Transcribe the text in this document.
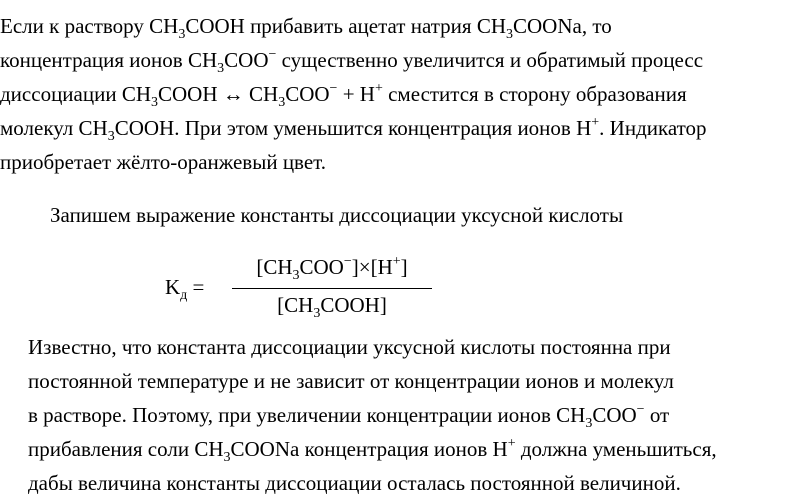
Если к раствору $CH_3COOH$ прибавить ацетат натрия $CH_3COONa$, то
концентрация ионов $CH_3COO^-$ существенно увеличится и обратимый процесс
диссоциации $CH_3COOH$ ↔ $CH_3COO^- + H^+$ сместится в сторону образования
молекул $CH_3COOH$. При этом уменьшится концентрация ионов H+. Индикатор
приобретает жёлто-оранжевый цвет.
Запишем выражение константы диссоциации уксусной кислоты
$K_д$ =
$[CH_3COO^-]\times[H^+]$
$[CH_3COOH]$
Известно, что константа диссоциации уксусной кислоты постоянна при
постоянной температуре и не зависит от концентрации ионов и молекул
в растворе. Поэтому, при увеличении концентрации ионов $CH_3COO^-$ от
прибавления соли $CH_3COONa$ концентрация ионов H+ должна уменьшиться,
дабы величина константы диссоциации осталась постоянной величиной.
